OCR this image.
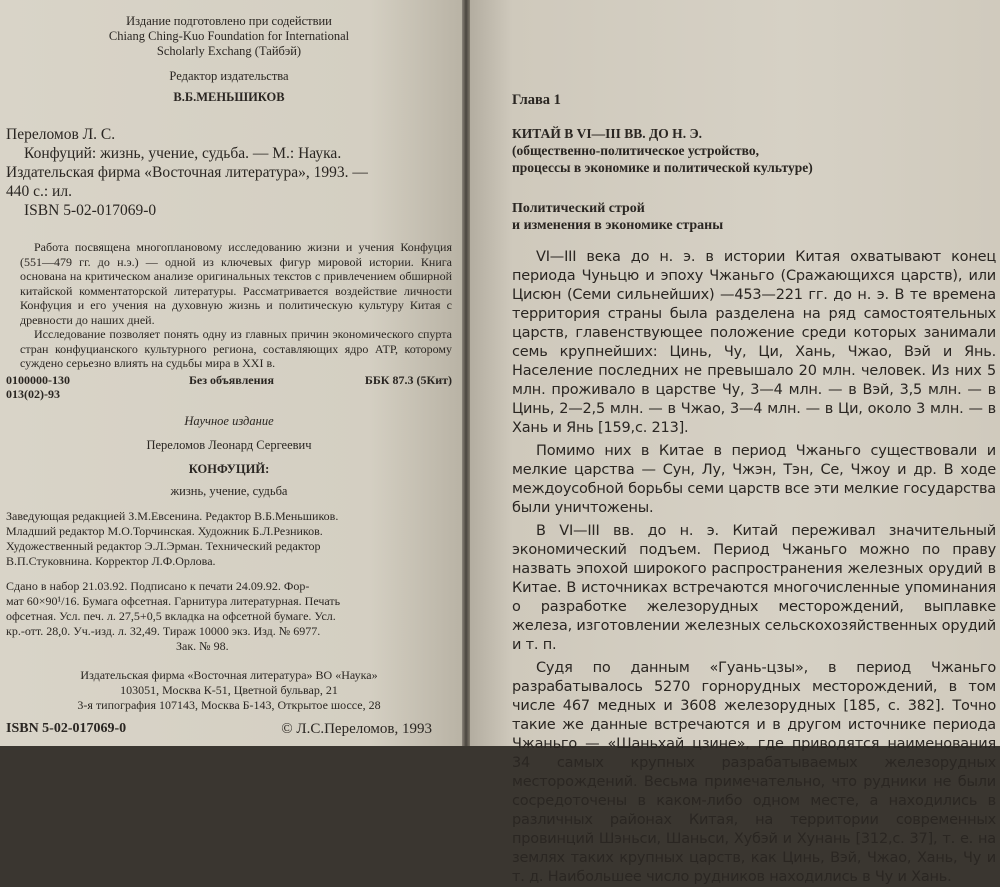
Издание подготовлено при содействии
Chiang Ching-Kuo Foundation for International
Scholarly Exchang (Тайбэй)
Редактор издательства
В.Б.МЕНЬШИКОВ
Переломов Л. С.
Конфуций: жизнь, учение, судьба. — М.: Наука.
Издательская фирма «Восточная литература», 1993. —
440 с.: ил.
ISBN 5-02-017069-0

Работа посвящена многоплановому исследованию жизни и учения Конфуция (551—479 гг. до н.э.) — одной из ключевых фигур мировой истории. Книга основана на критическом анализе оригинальных текстов с привлечением обширной китайской комментаторской литературы. Рассматривается воздействие личности Конфуция и его учения на духовную жизнь и политическую культуру Китая с древности до наших дней.

Исследование позволяет понять одну из главных причин экономического спурта стран конфуцианского культурного региона, составляющих ядро АТР, которому суждено серьезно влиять на судьбы мира в XXI в.

0100000-130
013(02)-93
Без объявления	ББК 87.3 (5Кит)
Научное издание
Переломов Леонард Сергеевич
КОНФУЦИЙ:
жизнь, учение, судьба

Заведующая редакцией З.М.Евсенина. Редактор В.Б.Меньшиков.

Младший редактор М.О.Торчинская. Художник Б.Л.Резников.

Художественный редактор Э.Л.Эрман. Технический редактор

В.П.Стуковнина. Корректор Л.Ф.Орлова.

Сдано в набор 21.03.92. Подписано к печати 24.09.92. Фор-

мат 60×90¹/16. Бумага офсетная. Гарнитура литературная. Печать

офсетная. Усл. печ. л. 27,5+0,5 вкладка на офсетной бумаге. Усл.

кр.-отт. 28,0. Уч.-изд. л. 32,49. Тираж 10000 экз. Изд. № 6977.

Зак. № 98.

Издательская фирма «Восточная литература» ВО «Наука»

103051, Москва К-51, Цветной бульвар, 21

3-я типография 107143, Москва Б-143, Открытое шоссе, 28

ISBN 5-02-017069-0	© Л.С.Переломов, 1993
Глава 1
КИТАЙ В VI—III ВВ. ДО Н. Э.
(общественно-политическое устройство,
процессы в экономике и политической культуре)
Политический строй
и изменения в экономике страны

VI—III века до н. э. в истории Китая охватывают конец периода Чуньцю и эпоху Чжаньго (Сражающихся царств), или Цисюн (Семи сильнейших) —453—221 гг. до н. э. В те времена территория страны была разделена на ряд самостоятельных царств, главенствующее положение среди которых занимали семь крупнейших: Цинь, Чу, Ци, Хань, Чжао, Вэй и Янь. Население последних не превышало 20 млн. человек. Из них 5 млн. проживало в царстве Чу, 3—4 млн. — в Вэй, 3,5 млн. — в Цинь, 2—2,5 млн. — в Чжао, 3—4 млн. — в Ци, около 3 млн. — в Хань и Янь [159,с. 213].

Помимо них в Китае в период Чжаньго существовали и мелкие царства — Сун, Лу, Чжэн, Тэн, Се, Чжоу и др. В ходе междоусобной борьбы семи царств все эти мелкие государства были уничтожены.

В VI—III вв. до н. э. Китай переживал значительный экономический подъем. Период Чжаньго можно по праву назвать эпохой широкого распространения железных орудий в Китае. В источниках встречаются многочисленные упоминания о разработке железорудных месторождений, выплавке железа, изготовлении железных сельскохозяйственных орудий и т. п.

Судя по данным «Гуань-цзы», в период Чжаньго разрабатывалось 5270 горнорудных месторождений, в том числе 467 медных и 3608 железорудных [185, с. 382]. Точно такие же данные встречаются и в другом источнике периода Чжаньго — «Шаньхай цзине», где приводятся наименования 34 самых крупных разрабатываемых железорудных месторождений. Весьма примечательно, что рудники не были сосредоточены в каком-либо одном месте, а находились в различных районах Китая, на территории современных провинций Шэньси, Шаньси, Хубэй и Хунань [312,с. 37], т. е. на землях таких крупных царств, как Цинь, Вэй, Чжао, Хань, Чу и т. д. Наибольшее число рудников находились в Чу и Хань.
